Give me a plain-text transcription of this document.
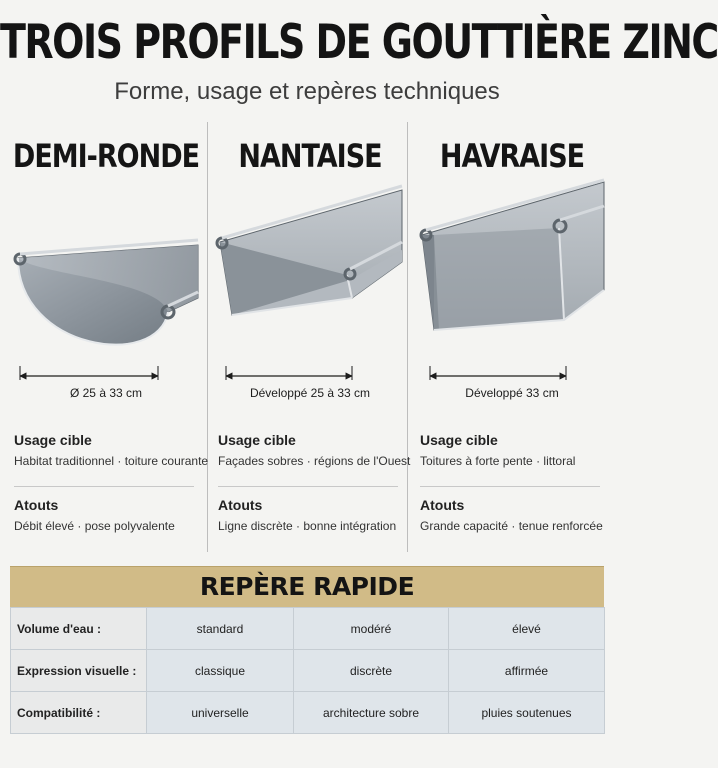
TROIS PROFILS DE GOUTTIÈRE ZINC
Forme, usage et repères techniques
DEMI-RONDE
Ø 25 à 33 cm
Usage cible
Habitat traditionnel · toiture courante
Atouts
Débit élevé · pose polyvalente
NANTAISE
Développé 25 à 33 cm
Usage cible
Façades sobres · régions de l'Ouest
Atouts
Ligne discrète · bonne intégration
HAVRAISE
Développé 33 cm
Usage cible
Toitures à forte pente · littoral
Atouts
Grande capacité · tenue renforcée
REPÈRE RAPIDE
Volume d'eau :	standard	modéré	élevé
Expression visuelle :	classique	discrète	affirmée
Compatibilité :	universelle	architecture sobre	pluies soutenues
